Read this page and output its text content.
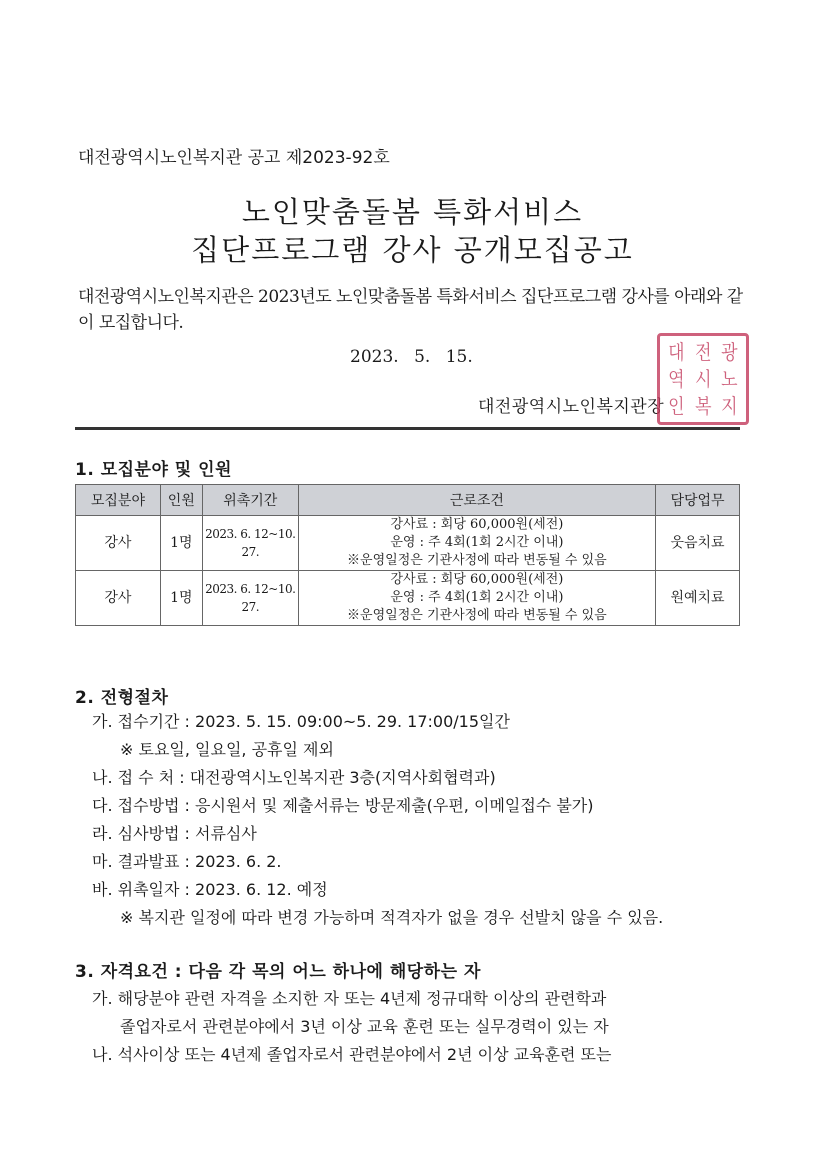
대전광역시노인복지관 공고 제2023-92호
노인맞춤돌봄 특화서비스
집단프로그램 강사 공개모집공고
대전광역시노인복지관은 2023년도 노인맞춤돌봄 특화서비스 집단프로그램 강사를 아래와 같이 모집합니다.
2023. 5. 15.
대전광역시노인복지관장
대 전 광
역 시 노
인 복 지
1. 모집분야 및 인원
모집분야	인원	위촉기간	근로조건	담당업무
강사	1명	2023. 6. 12~10. 27.	강사료 : 회당 60,000원(세전)
운영 : 주 4회(1회 2시간 이내)
※운영일정은 기관사정에 따라 변동될 수 있음	웃음치료
강사	1명	2023. 6. 12~10. 27.	강사료 : 회당 60,000원(세전)
운영 : 주 4회(1회 2시간 이내)
※운영일정은 기관사정에 따라 변동될 수 있음	원예치료
2. 전형절차
가. 접수기간 : 2023. 5. 15. 09:00~5. 29. 17:00/15일간
※ 토요일, 일요일, 공휴일 제외
나. 접 수 처 : 대전광역시노인복지관 3층(지역사회협력과)
다. 접수방법 : 응시원서 및 제출서류는 방문제출(우편, 이메일접수 불가)
라. 심사방법 : 서류심사
마. 결과발표 : 2023. 6. 2.
바. 위촉일자 : 2023. 6. 12. 예정
※ 복지관 일정에 따라 변경 가능하며 적격자가 없을 경우 선발치 않을 수 있음.
3. 자격요건 : 다음 각 목의 어느 하나에 해당하는 자
가. 해당분야 관련 자격을 소지한 자 또는 4년제 정규대학 이상의 관련학과
졸업자로서 관련분야에서 3년 이상 교육 훈련 또는 실무경력이 있는 자
나. 석사이상 또는 4년제 졸업자로서 관련분야에서 2년 이상 교육훈련 또는
